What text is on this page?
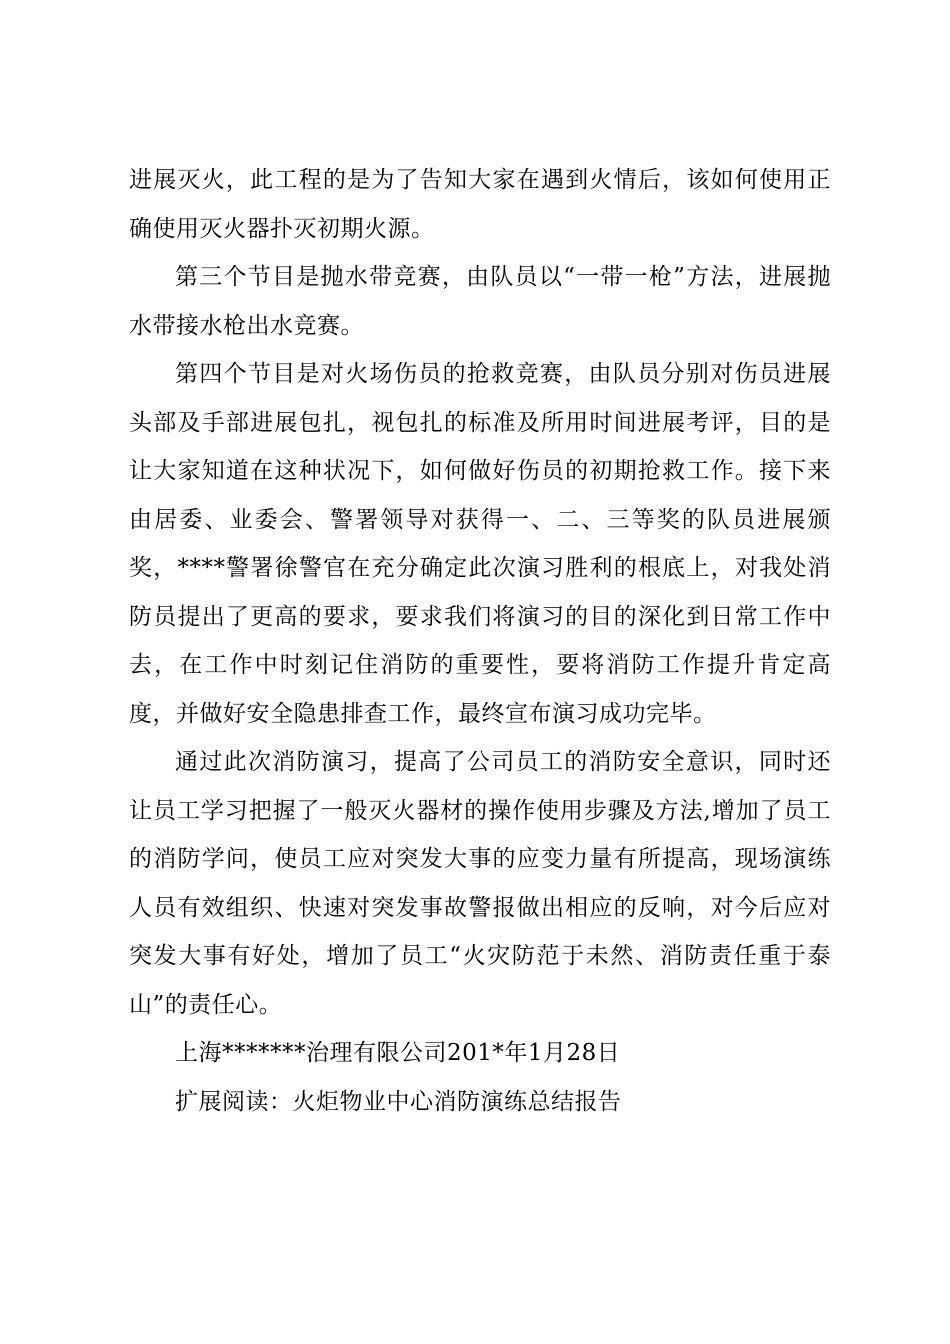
进展灭火，此工程的是为了告知大家在遇到火情后，该如何使用正确使用灭火器扑灭初期火源。

第三个节目是抛水带竞赛，由队员以“一带一枪”方法，进展抛水带接水枪出水竞赛。

第四个节目是对火场伤员的抢救竞赛，由队员分别对伤员进展头部及手部进展包扎，视包扎的标准及所用时间进展考评，目的是让大家知道在这种状况下，如何做好伤员的初期抢救工作。接下来由居委、业委会、警署领导对获得一、二、三等奖的队员进展颁奖，****警署徐警官在充分确定此次演习胜利的根底上，对我处消防员提出了更高的要求，要求我们将演习的目的深化到日常工作中去，在工作中时刻记住消防的重要性，要将消防工作提升肯定高度，并做好安全隐患排查工作，最终宣布演习成功完毕。

通过此次消防演习，提高了公司员工的消防安全意识，同时还让员工学习把握了一般灭火器材的操作使用步骤及方法,增加了员工的消防学问，使员工应对突发大事的应变力量有所提高，现场演练人员有效组织、快速对突发事故警报做出相应的反响，对今后应对突发大事有好处，增加了员工“火灾防范于未然、消防责任重于泰山”的责任心。

上海*******治理有限公司201*年1月28日

扩展阅读：火炬物业中心消防演练总结报告
